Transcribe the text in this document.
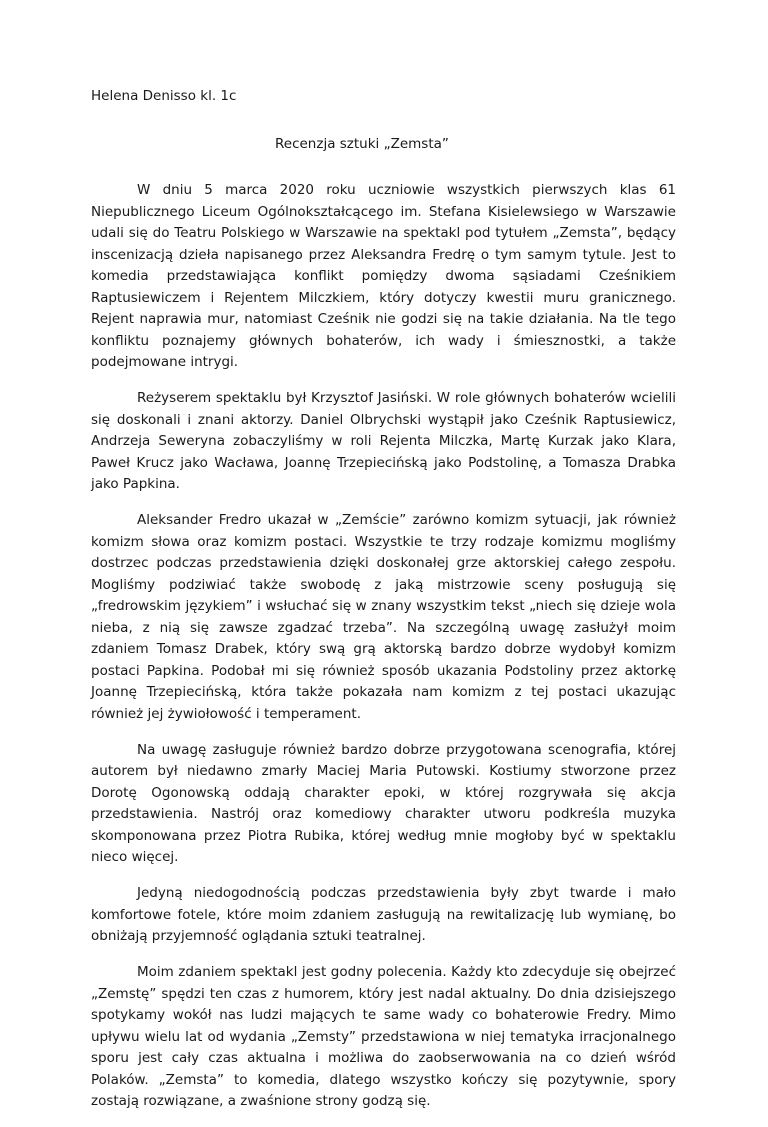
Helena Denisso kl. 1c
Recenzja sztuki „Zemsta”

W dniu 5 marca 2020 roku uczniowie wszystkich pierwszych klas 61 Niepublicznego Liceum Ogólnokształcącego im. Stefana Kisielewsiego w Warszawie udali się do Teatru Polskiego w Warszawie na spektakl pod tytułem „Zemsta”, będący inscenizacją dzieła napisanego przez Aleksandra Fredrę o tym samym tytule. Jest to komedia przedstawiająca konflikt pomiędzy dwoma sąsiadami Cześnikiem Raptusiewiczem i Rejentem Milczkiem, który dotyczy kwestii muru granicznego. Rejent naprawia mur, natomiast Cześnik nie godzi się na takie działania. Na tle tego konfliktu poznajemy głównych bohaterów, ich wady i śmiesznostki, a także podejmowane intrygi.

Reżyserem spektaklu był Krzysztof Jasiński. W role głównych bohaterów wcielili się doskonali i znani aktorzy. Daniel Olbrychski wystąpił jako Cześnik Raptusiewicz, Andrzeja Seweryna zobaczyliśmy w roli Rejenta Milczka, Martę Kurzak jako Klara, Paweł Krucz jako Wacława, Joannę Trzepiecińską jako Podstolinę, a Tomasza Drabka jako Papkina.

Aleksander Fredro ukazał w „Zemście” zarówno komizm sytuacji, jak również komizm słowa oraz komizm postaci. Wszystkie te trzy rodzaje komizmu mogliśmy dostrzec podczas przedstawienia dzięki doskonałej grze aktorskiej całego zespołu. Mogliśmy podziwiać także swobodę z jaką mistrzowie sceny posługują się „fredrowskim językiem” i wsłuchać się w znany wszystkim tekst „niech się dzieje wola nieba, z nią się zawsze zgadzać trzeba”. Na szczególną uwagę zasłużył moim zdaniem Tomasz Drabek, który swą grą aktorską bardzo dobrze wydobył komizm postaci Papkina. Podobał mi się również sposób ukazania Podstoliny przez aktorkę Joannę Trzepiecińską, która także pokazała nam komizm z tej postaci ukazując również jej żywiołowość i temperament.

Na uwagę zasługuje również bardzo dobrze przygotowana scenografia, której autorem był niedawno zmarły Maciej Maria Putowski. Kostiumy stworzone przez Dorotę Ogonowską oddają charakter epoki, w której rozgrywała się akcja przedstawienia. Nastrój oraz komediowy charakter utworu podkreśla muzyka skomponowana przez Piotra Rubika, której według mnie mogłoby być w spektaklu nieco więcej.

Jedyną niedogodnością podczas przedstawienia były zbyt twarde i mało komfortowe fotele, które moim zdaniem zasługują na rewitalizację lub wymianę, bo obniżają przyjemność oglądania sztuki teatralnej.

Moim zdaniem spektakl jest godny polecenia. Każdy kto zdecyduje się obejrzeć „Zemstę” spędzi ten czas z humorem, który jest nadal aktualny. Do dnia dzisiejszego spotykamy wokół nas ludzi mających te same wady co bohaterowie Fredry. Mimo upływu wielu lat od wydania „Zemsty” przedstawiona w niej tematyka irracjonalnego sporu jest cały czas aktualna i możliwa do zaobserwowania na co dzień wśród Polaków. „Zemsta” to komedia, dlatego wszystko kończy się pozytywnie, spory zostają rozwiązane, a zwaśnione strony godzą się.
